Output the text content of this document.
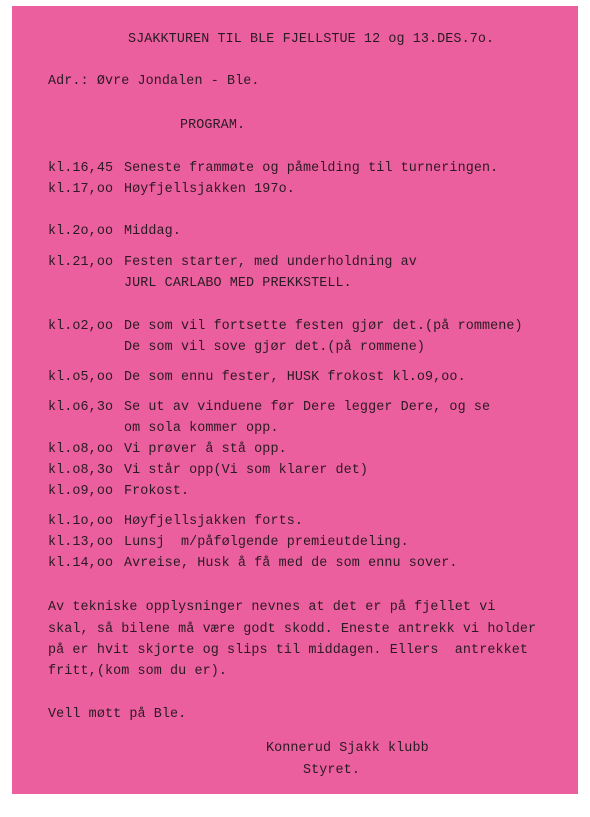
SJAKKTUREN TIL BLE FJELLSTUE 12 og 13.DES.7o.
Adr.: Øvre Jondalen - Ble.
PROGRAM.
kl.16,45 Seneste frammøte og påmelding til turneringen.
kl.17,oo Høyfjellsjakken 197o.
kl.2o,oo Middag.
kl.21,oo Festen starter, med underholdning av
JURL CARLABO MED PREKKSTELL.
kl.o2,oo De som vil fortsette festen gjør det.(på rommene)
De som vil sove gjør det.(på rommene)
kl.o5,oo De som ennu fester, HUSK frokost kl.o9,oo.
kl.o6,3o Se ut av vinduene før Dere legger Dere, og se
om sola kommer opp.
kl.o8,oo Vi prøver å stå opp.
kl.o8,3o Vi står opp(Vi som klarer det)
kl.o9,oo Frokost.
kl.1o,oo Høyfjellsjakken forts.
kl.13,oo Lunsj  m/påfølgende premieutdeling.
kl.14,oo Avreise, Husk å få med de som ennu sover.
Av tekniske opplysninger nevnes at det er på fjellet vi
skal, så bilene må være godt skodd. Eneste antrekk vi holder
på er hvit skjorte og slips til middagen. Ellers  antrekket
fritt,(kom som du er).
Vell møtt på Ble.
Konnerud Sjakk klubb
Styret.
